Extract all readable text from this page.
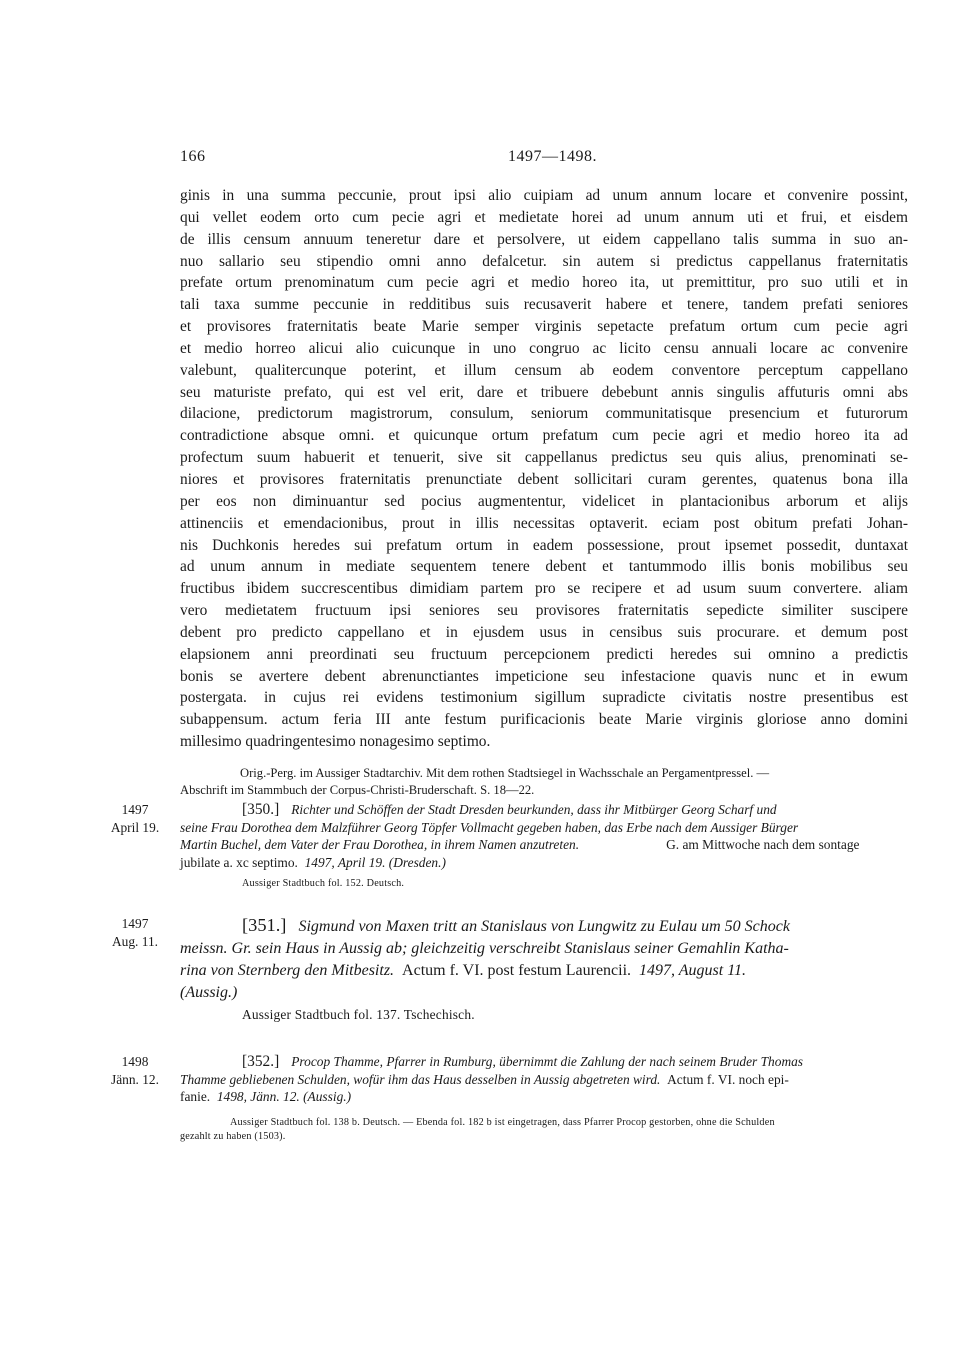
166	1497—1498.
ginis in una summa peccunie, prout ipsi alio cuipiam ad unum annum locare et convenire possint,
qui vellet eodem orto cum pecie agri et medietate horei ad unum annum uti et frui, et eisdem
de illis censum annuum teneretur dare et persolvere, ut eidem cappellano talis summa in suo an-
nuo sallario seu stipendio omni anno defalcetur. sin autem si predictus cappellanus fraternitatis
prefate ortum prenominatum cum pecie agri et medio horeo ita, ut premittitur, pro suo utili et in
tali taxa summe peccunie in redditibus suis recusaverit habere et tenere, tandem prefati seniores
et provisores fraternitatis beate Marie semper virginis sepetacte prefatum ortum cum pecie agri
et medio horreo alicui alio cuicunque in uno congruo ac licito censu annuali locare ac convenire
valebunt, qualitercunque poterint, et illum censum ab eodem conventore perceptum cappellano
seu maturiste prefato, qui est vel erit, dare et tribuere debebunt annis singulis affuturis omni abs
dilacione, predictorum magistrorum, consulum, seniorum communitatisque presencium et futurorum
contradictione absque omni. et quicunque ortum prefatum cum pecie agri et medio horeo ita ad
profectum suum habuerit et tenuerit, sive sit cappellanus predictus seu quis alius, prenominati se-
niores et provisores fraternitatis prenunctiate debent sollicitari curam gerentes, quatenus bona illa
per eos non diminuantur sed pocius augmententur, videlicet in plantacionibus arborum et alijs
attinenciis et emendacionibus, prout in illis necessitas optaverit. eciam post obitum prefati Johan-
nis Duchkonis heredes sui prefatum ortum in eadem possessione, prout ipsemet possedit, duntaxat
ad unum annum in mediate sequentem tenere debent et tantummodo illis bonis mobilibus seu
fructibus ibidem succrescentibus dimidiam partem pro se recipere et ad usum suum convertere. aliam
vero medietatem fructuum ipsi seniores seu provisores fraternitatis sepedicte similiter suscipere
debent pro predicto cappellano et in ejusdem usus in censibus suis procurare. et demum post
elapsionem anni preordinati seu fructuum percepcionem predicti heredes sui omnino a predictis
bonis se avertere debent abrenunctiantes impeticione seu infestacione quavis nunc et in ewum
postergata. in cujus rei evidens testimonium sigillum supradicte civitatis nostre presentibus est
subappensum. actum feria III ante festum purificacionis beate Marie virginis gloriose anno domini
millesimo quadringentesimo nonagesimo septimo.
Orig.-Perg. im Aussiger Stadtarchiv. Mit dem rothen Stadtsiegel in Wachsschale an Pergamentpressel. —
Abschrift im Stammbuch der Corpus-Christi-Bruderschaft. S. 18—22.
1497
April 19.
[350.] Richter und Schöffen der Stadt Dresden beurkunden, dass ihr Mitbürger Georg Scharf und
seine Frau Dorothea dem Malzführer Georg Töpfer Vollmacht gegeben haben, das Erbe nach dem Aussiger Bürger
Martin Buchel, dem Vater der Frau Dorothea, in ihrem Namen anzutreten.	G. am Mittwoche nach dem sontage
jubilate a. xc septimo. 1497, April 19. (Dresden.)
Aussiger Stadtbuch fol. 152. Deutsch.
1497
Aug. 11.
[351.] Sigmund von Maxen tritt an Stanislaus von Lungwitz zu Eulau um 50 Schock
meissn. Gr. sein Haus in Aussig ab; gleichzeitig verschreibt Stanislaus seiner Gemahlin Katha-
rina von Sternberg den Mitbesitz. Actum f. VI. post festum Laurencii. 1497, August 11.
(Aussig.)
Aussiger Stadtbuch fol. 137. Tschechisch.
1498
Jänn. 12.
[352.] Procop Thamme, Pfarrer in Rumburg, übernimmt die Zahlung der nach seinem Bruder Thomas
Thamme gebliebenen Schulden, wofür ihm das Haus desselben in Aussig abgetreten wird. Actum f. VI. noch epi-
fanie. 1498, Jänn. 12. (Aussig.)
Aussiger Stadtbuch fol. 138 b. Deutsch. — Ebenda fol. 182 b ist eingetragen, dass Pfarrer Procop gestorben, ohne die Schulden
gezahlt zu haben (1503).
